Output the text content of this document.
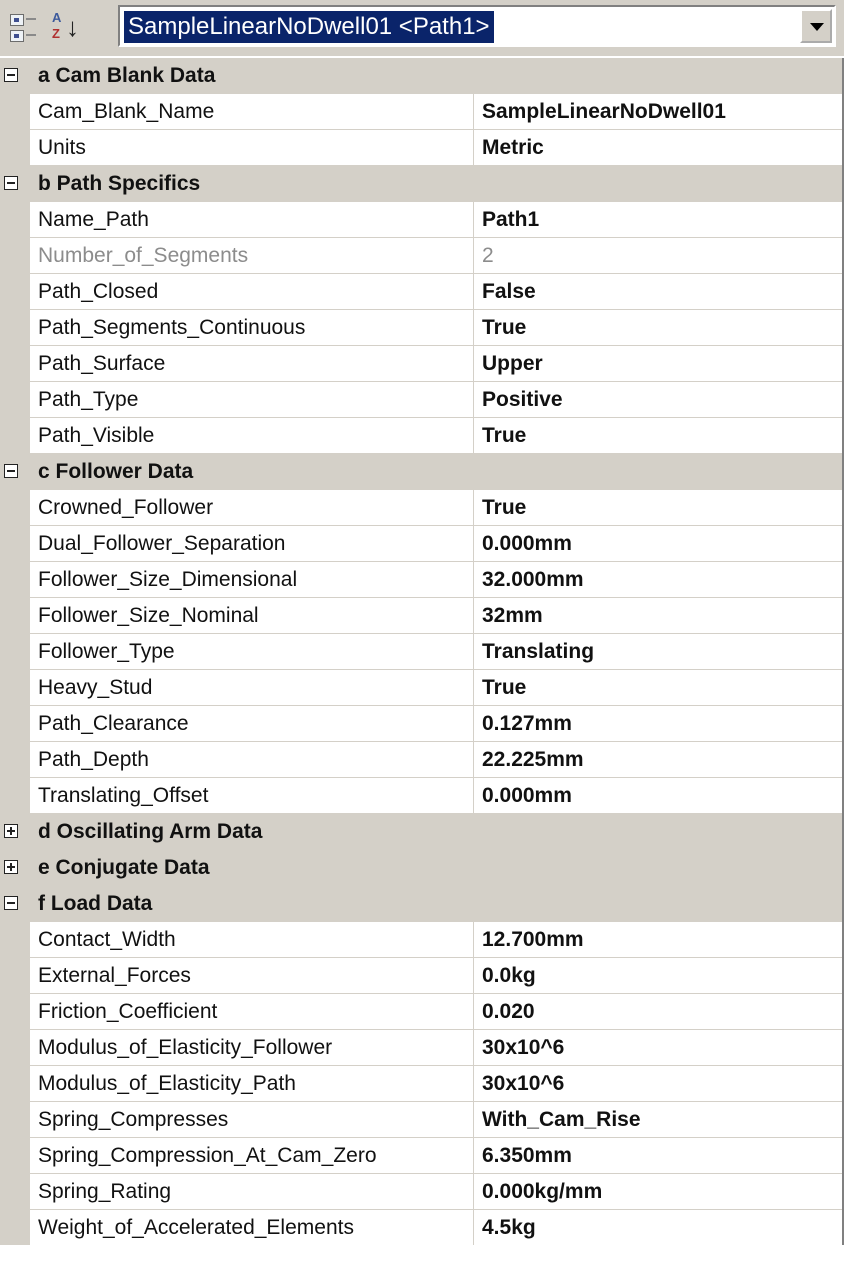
A
Z ↓ SampleLinearNoDwell01 <Path1>
a Cam Blank Data
Cam_Blank_Name	SampleLinearNoDwell01
Units	Metric
b Path Specifics
Name_Path	Path1
Number_of_Segments	2
Path_Closed	False
Path_Segments_Continuous	True
Path_Surface	Upper
Path_Type	Positive
Path_Visible	True
c Follower Data
Crowned_Follower	True
Dual_Follower_Separation	0.000mm
Follower_Size_Dimensional	32.000mm
Follower_Size_Nominal	32mm
Follower_Type	Translating
Heavy_Stud	True
Path_Clearance	0.127mm
Path_Depth	22.225mm
Translating_Offset	0.000mm
d Oscillating Arm Data
e Conjugate Data
f Load Data
Contact_Width	12.700mm
External_Forces	0.0kg
Friction_Coefficient	0.020
Modulus_of_Elasticity_Follower	30x10^6
Modulus_of_Elasticity_Path	30x10^6
Spring_Compresses	With_Cam_Rise
Spring_Compression_At_Cam_Zero	6.350mm
Spring_Rating	0.000kg/mm
Weight_of_Accelerated_Elements	4.5kg
